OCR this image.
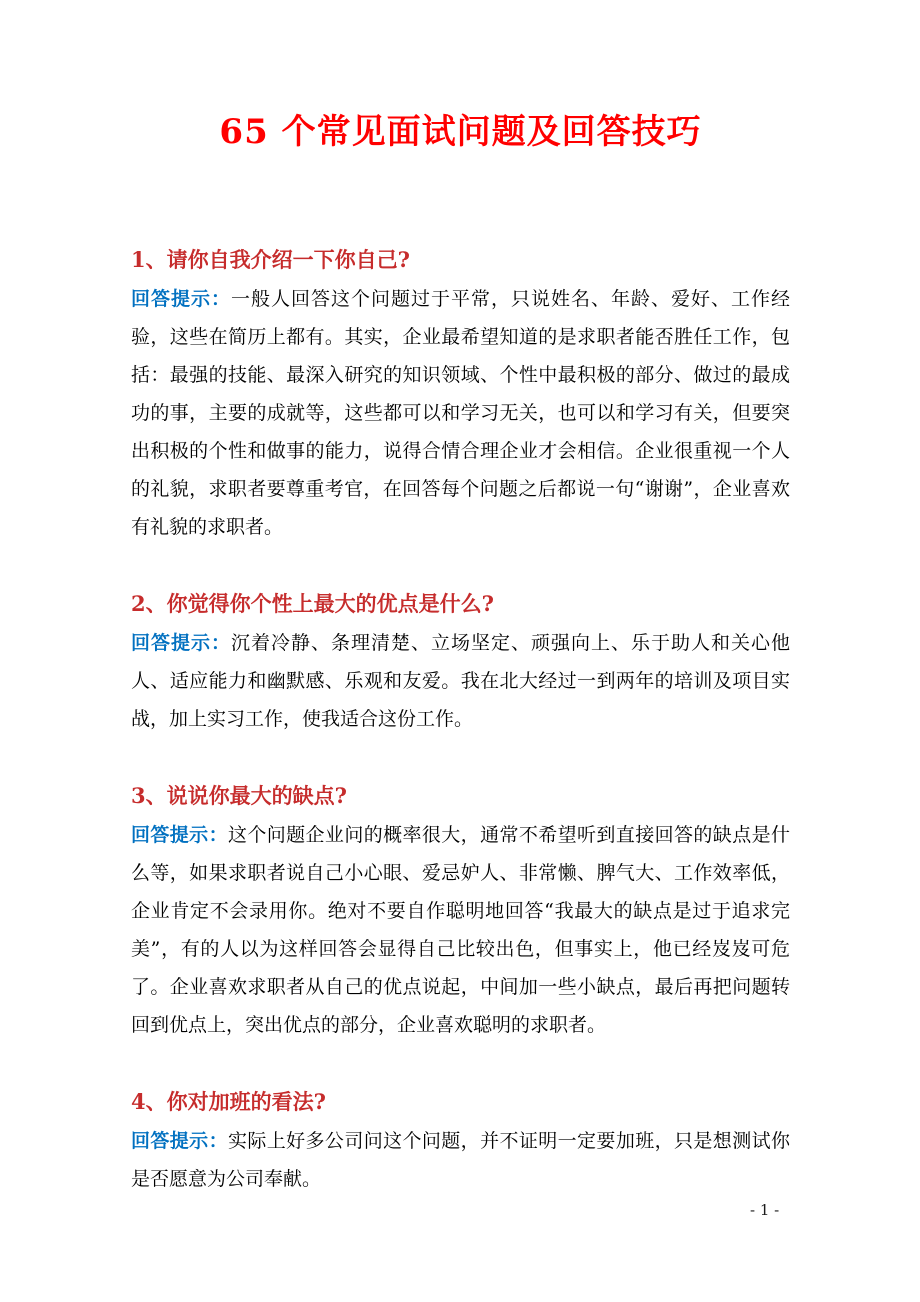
65 个常见面试问题及回答技巧

1、请你自我介绍一下你自己?

回答提示：一般人回答这个问题过于平常，只说姓名、年龄、爱好、工作经验，这些在简历上都有。其实，企业最希望知道的是求职者能否胜任工作，包括：最强的技能、最深入研究的知识领域、个性中最积极的部分、做过的最成功的事，主要的成就等，这些都可以和学习无关，也可以和学习有关，但要突出积极的个性和做事的能力，说得合情合理企业才会相信。企业很重视一个人的礼貌，求职者要尊重考官，在回答每个问题之后都说一句“谢谢”，企业喜欢有礼貌的求职者。

2、你觉得你个性上最大的优点是什么?

回答提示：沉着冷静、条理清楚、立场坚定、顽强向上、乐于助人和关心他人、适应能力和幽默感、乐观和友爱。我在北大经过一到两年的培训及项目实战，加上实习工作，使我适合这份工作。

3、说说你最大的缺点?

回答提示：这个问题企业问的概率很大，通常不希望听到直接回答的缺点是什么等，如果求职者说自己小心眼、爱忌妒人、非常懒、脾气大、工作效率低，企业肯定不会录用你。绝对不要自作聪明地回答“我最大的缺点是过于追求完美”，有的人以为这样回答会显得自己比较出色，但事实上，他已经岌岌可危了。企业喜欢求职者从自己的优点说起，中间加一些小缺点，最后再把问题转回到优点上，突出优点的部分，企业喜欢聪明的求职者。

4、你对加班的看法?

回答提示：实际上好多公司问这个问题，并不证明一定要加班，只是想测试你是否愿意为公司奉献。

- 1 -
